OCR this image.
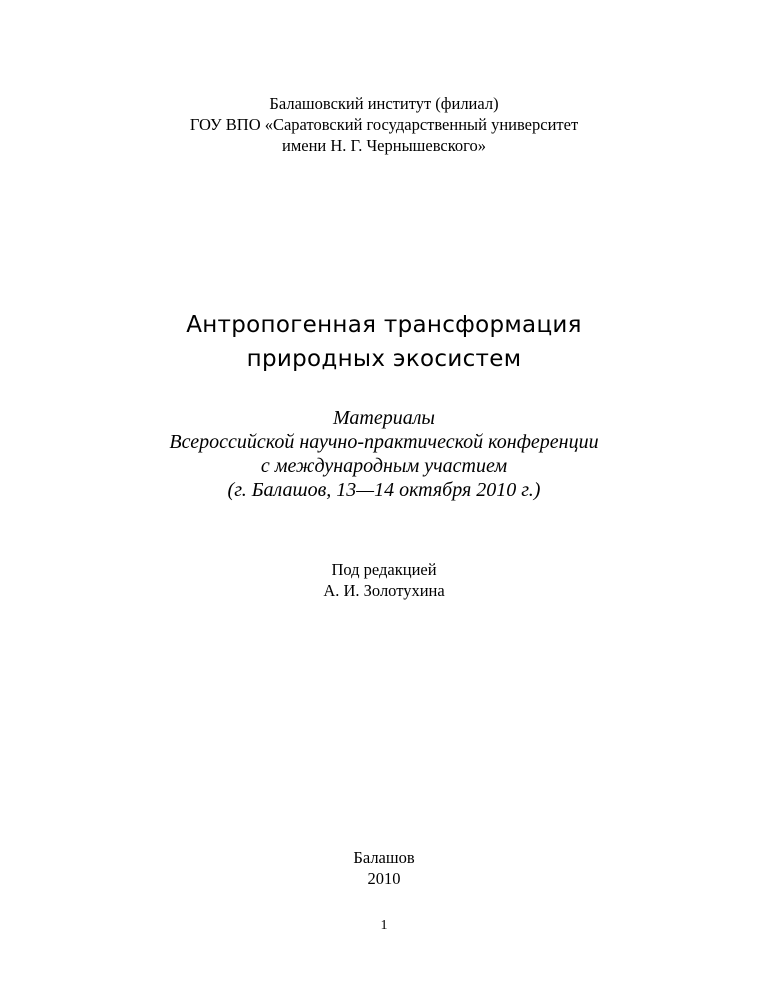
Балашовский институт (филиал)
ГОУ ВПО «Саратовский государственный университет
имени Н. Г. Чернышевского»
Антропогенная трансформация
природных экосистем
Материалы
Всероссийской научно-практической конференции
с международным участием
(г. Балашов, 13—14 октября 2010 г.)
Под редакцией
А. И. Золотухина
Балашов
2010
1
